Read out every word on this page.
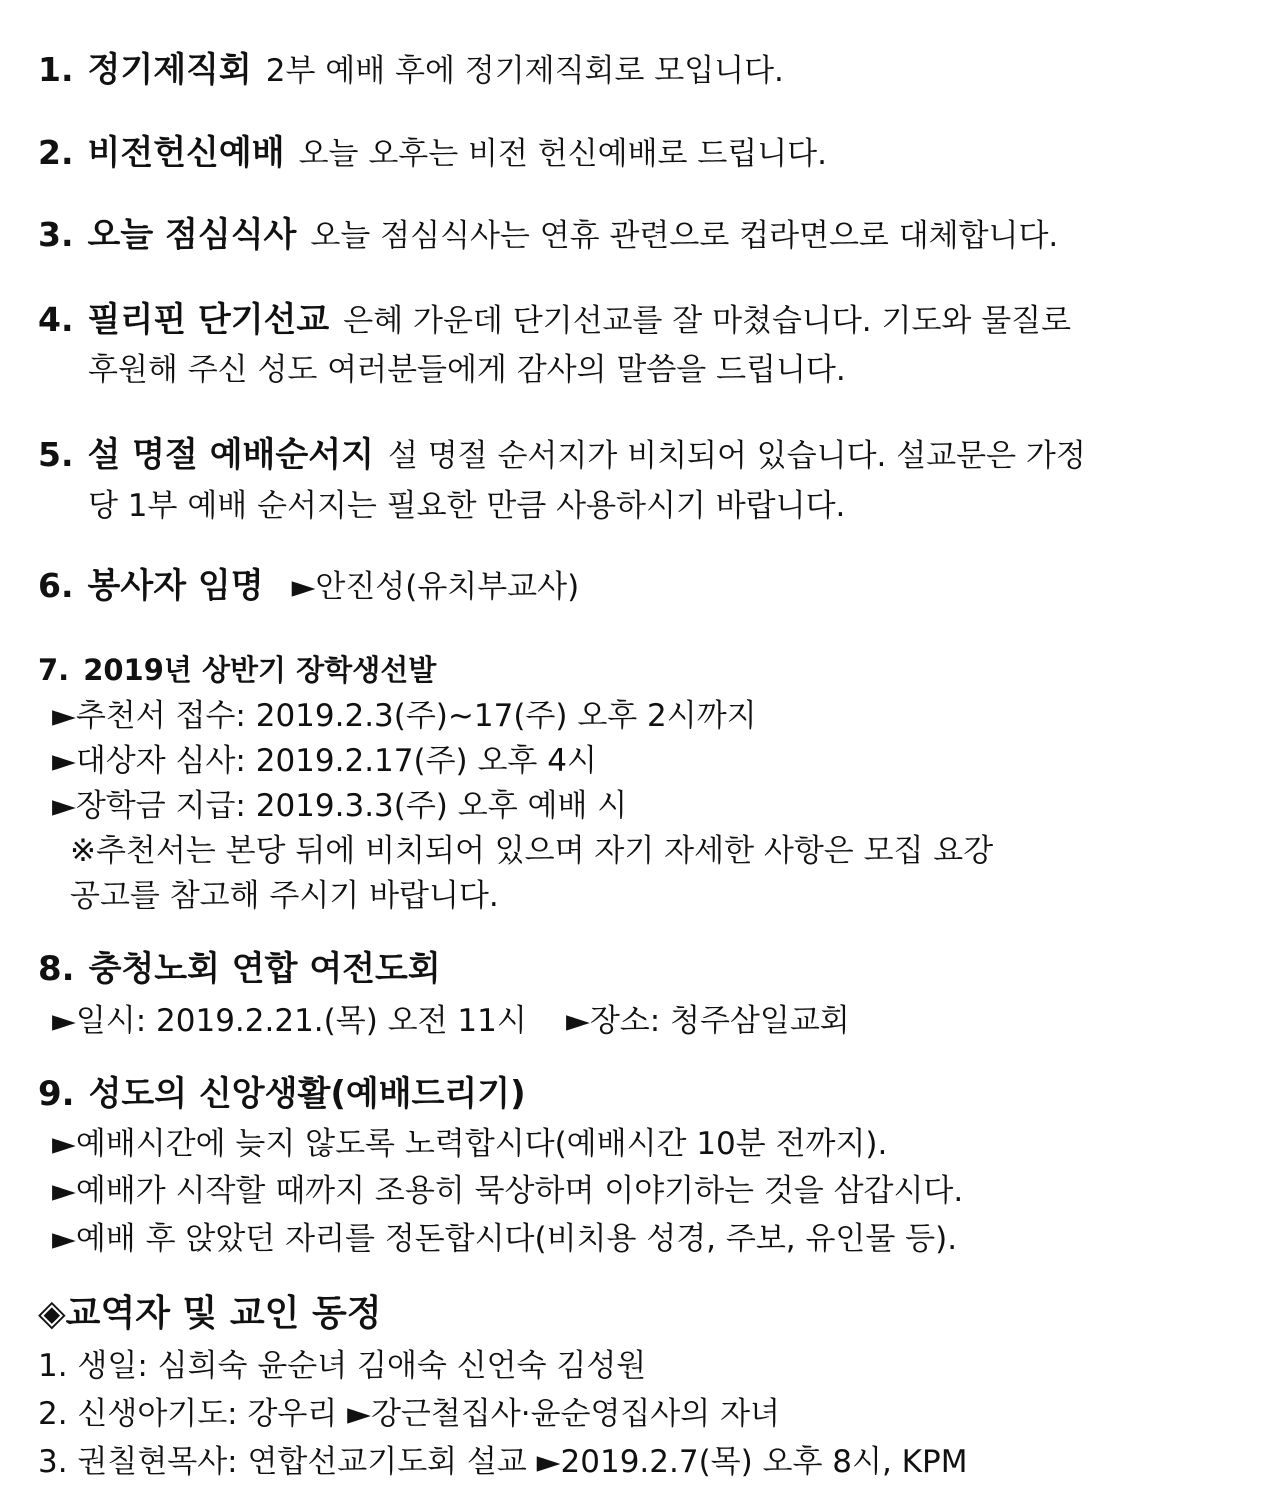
1. 정기제직회 2부 예배 후에 정기제직회로 모입니다.
2. 비전헌신예배 오늘 오후는 비전 헌신예배로 드립니다.
3. 오늘 점심식사 오늘 점심식사는 연휴 관련으로 컵라면으로 대체합니다.
4. 필리핀 단기선교 은혜 가운데 단기선교를 잘 마쳤습니다. 기도와 물질로
후원해 주신 성도 여러분들에게 감사의 말씀을 드립니다.
5. 설 명절 예배순서지 설 명절 순서지가 비치되어 있습니다. 설교문은 가정
당 1부 예배 순서지는 필요한 만큼 사용하시기 바랍니다.
6. 봉사자 임명 ►안진성(유치부교사)
7. 2019년 상반기 장학생선발
►추천서 접수: 2019.2.3(주)~17(주) 오후 2시까지
►대상자 심사: 2019.2.17(주) 오후 4시
►장학금 지급: 2019.3.3(주) 오후 예배 시
※추천서는 본당 뒤에 비치되어 있으며 자기 자세한 사항은 모집 요강
공고를 참고해 주시기 바랍니다.
8. 충청노회 연합 여전도회
►일시: 2019.2.21.(목) 오전 11시 ►장소: 청주삼일교회
9. 성도의 신앙생활(예배드리기)
►예배시간에 늦지 않도록 노력합시다(예배시간 10분 전까지).
►예배가 시작할 때까지 조용히 묵상하며 이야기하는 것을 삼갑시다.
►예배 후 앉았던 자리를 정돈합시다(비치용 성경, 주보, 유인물 등).
◈교역자 및 교인 동정
1. 생일: 심희숙 윤순녀 김애숙 신언숙 김성원
2. 신생아기도: 강우리 ►강근철집사·윤순영집사의 자녀
3. 권칠현목사: 연합선교기도회 설교 ►2019.2.7(목) 오후 8시, KPM
